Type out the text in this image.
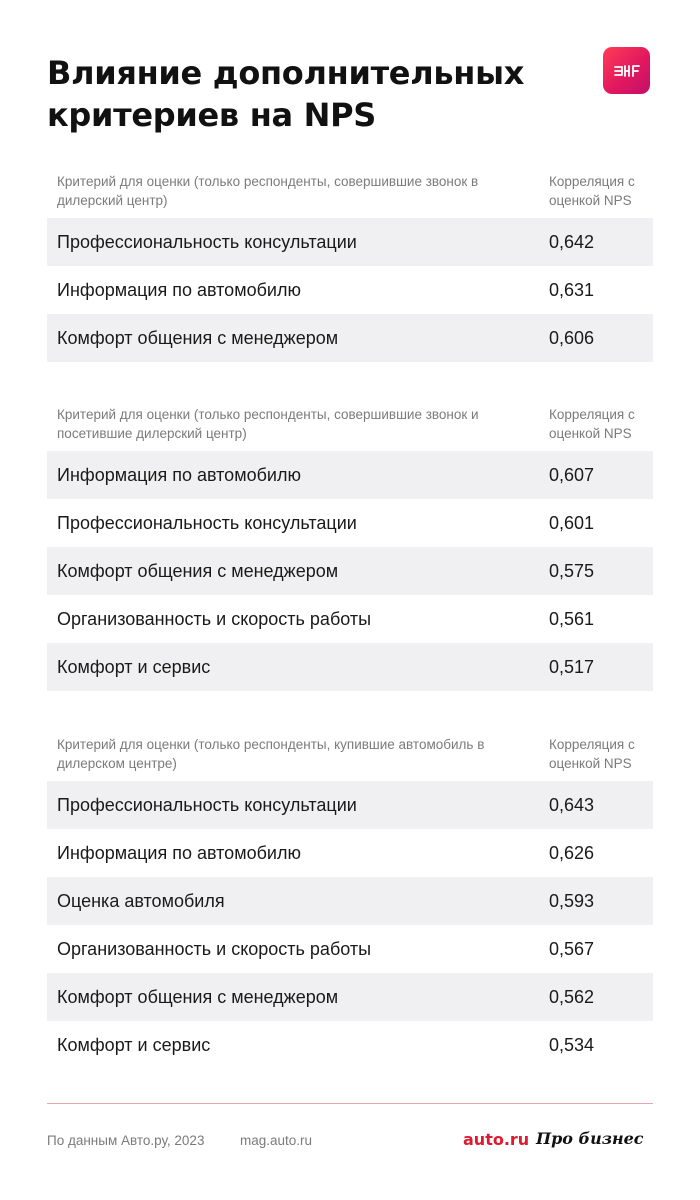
Влияние дополнительных критериев на NPS
Критерий для оценки (только респонденты, совершившие звонок в дилерский центр)
Корреляция с оценкой NPS
Профессиональность консультации	0,642
Информация по автомобилю	0,631
Комфорт общения с менеджером	0,606
Критерий для оценки (только респонденты, совершившие звонок и посетившие дилерский центр)
Корреляция с оценкой NPS
Информация по автомобилю	0,607
Профессиональность консультации	0,601
Комфорт общения с менеджером	0,575
Организованность и скорость работы	0,561
Комфорт и сервис	0,517
Критерий для оценки (только респонденты, купившие автомобиль в дилерском центре)
Корреляция с оценкой NPS
Профессиональность консультации	0,643
Информация по автомобилю	0,626
Оценка автомобиля	0,593
Организованность и скорость работы	0,567
Комфорт общения с менеджером	0,562
Комфорт и сервис	0,534
По данным Авто.ру, 2023	mag.auto.ru	auto.ru Про бизнес
